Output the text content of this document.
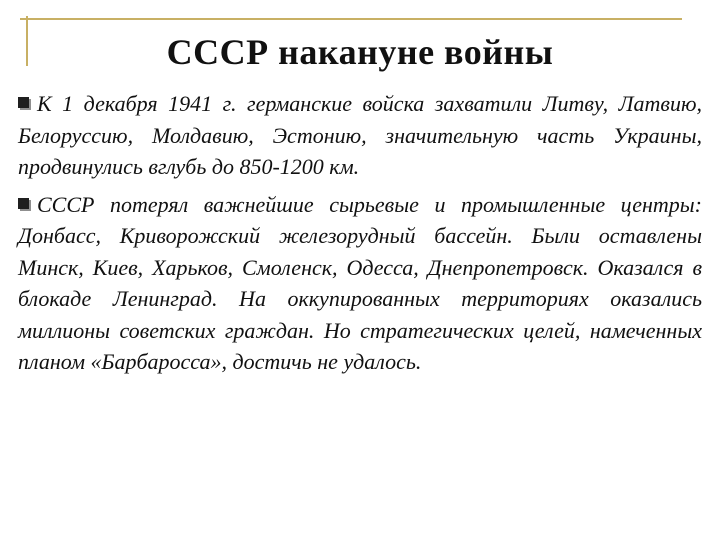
СССР накануне войны

К 1 декабря 1941 г. германские войска захватили Литву, Латвию, Белоруссию, Молдавию, Эстонию, значительную часть Украины, продвинулись вглубь до 850-1200 км.

СССР потерял важнейшие сырьевые и промышленные центры: Донбасс, Криворожский железорудный бассейн. Были оставлены Минск, Киев, Харьков, Смоленск, Одесса, Днепропетровск. Оказался в блокаде Ленинград. На оккупированных территориях оказались миллионы советских граждан. Но стратегических целей, намеченных планом «Барбаросса», достичь не удалось.
